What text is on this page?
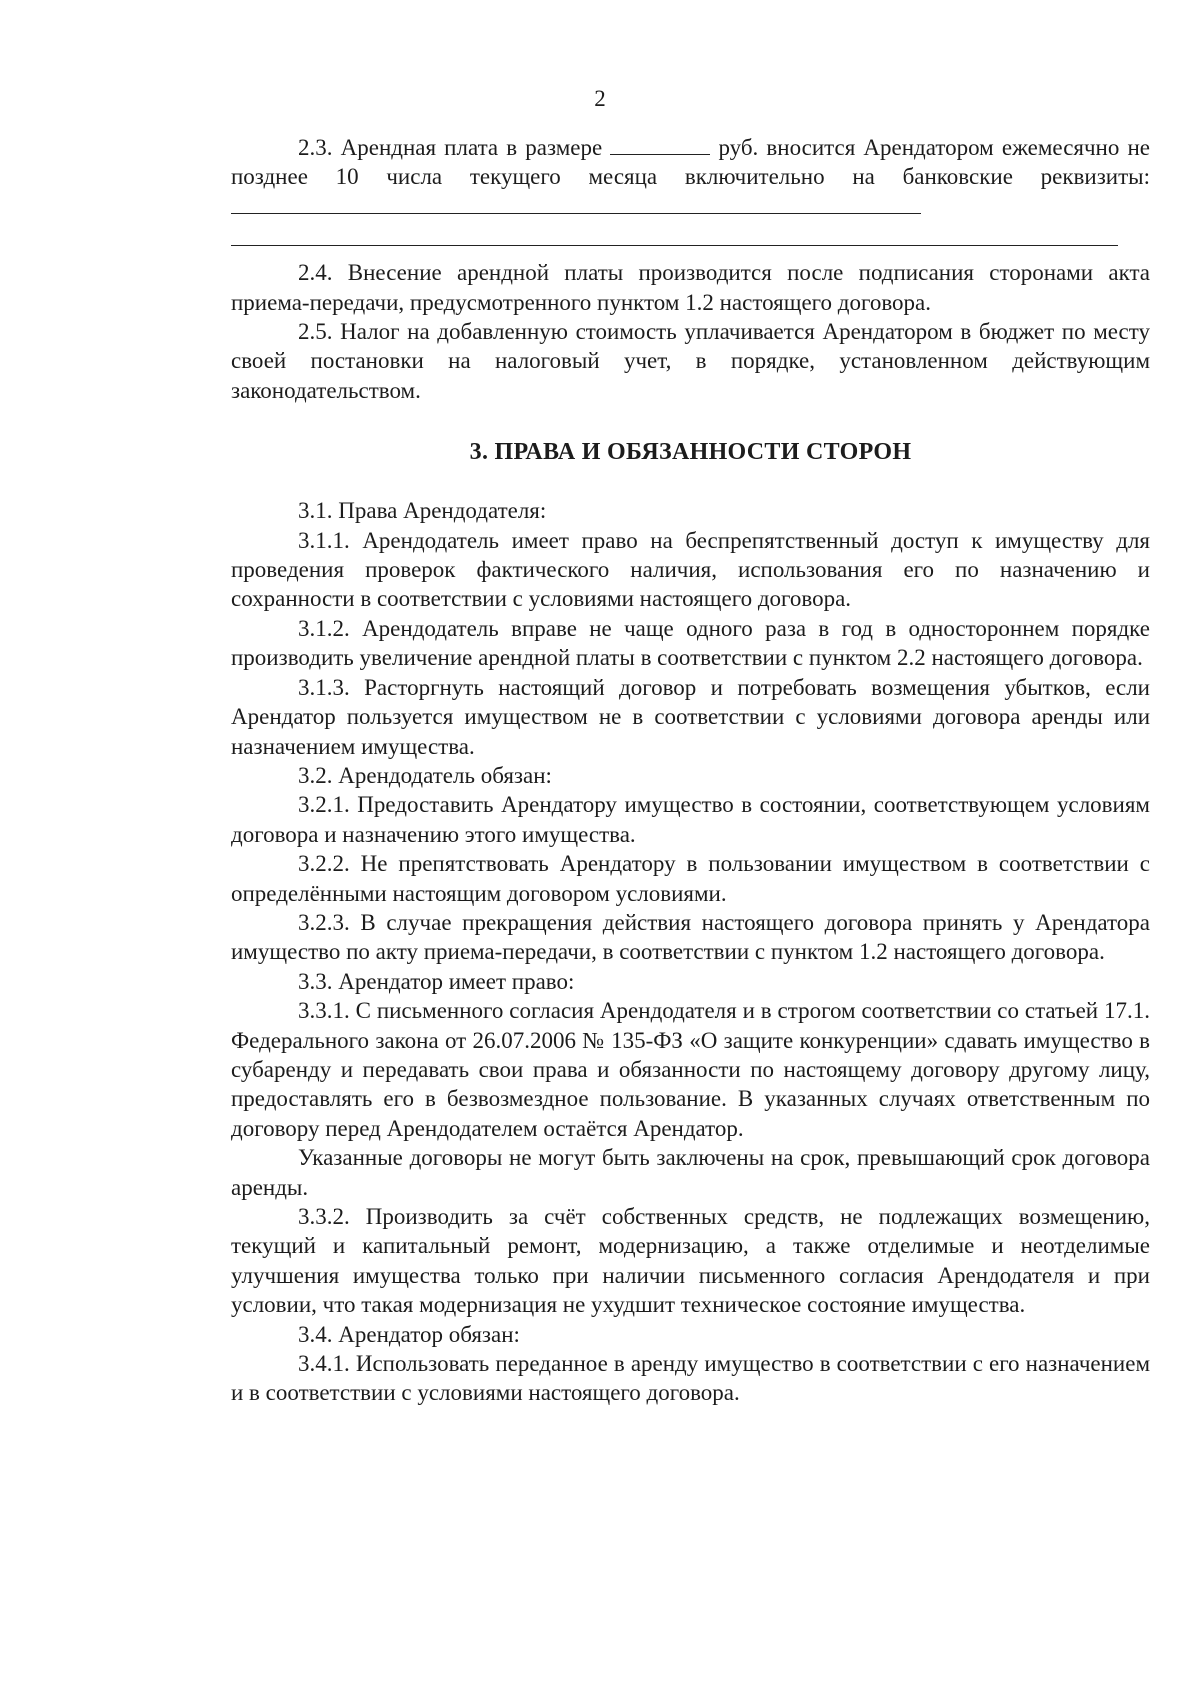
2

2.3. Арендная плата в размере	руб. вносится Арендатором ежемесячно не позднее 10 числа текущего месяца включительно на банковские реквизиты:

2.4. Внесение арендной платы производится после подписания сторонами акта приема-передачи, предусмотренного пунктом 1.2 настоящего договора.

2.5. Налог на добавленную стоимость уплачивается Арендатором в бюджет по месту своей постановки на налоговый учет, в порядке, установленном действующим законодательством.

3. ПРАВА И ОБЯЗАННОСТИ СТОРОН

3.1. Права Арендодателя:

3.1.1. Арендодатель имеет право на беспрепятственный доступ к имуществу для проведения проверок фактического наличия, использования его по назначению и сохранности в соответствии с условиями настоящего договора.

3.1.2. Арендодатель вправе не чаще одного раза в год в одностороннем порядке производить увеличение арендной платы в соответствии с пунктом 2.2 настоящего договора.

3.1.3. Расторгнуть настоящий договор и потребовать возмещения убытков, если Арендатор пользуется имуществом не в соответствии с условиями договора аренды или назначением имущества.

3.2. Арендодатель обязан:

3.2.1. Предоставить Арендатору имущество в состоянии, соответствующем условиям договора и назначению этого имущества.

3.2.2. Не препятствовать Арендатору в пользовании имуществом в соответствии с определёнными настоящим договором условиями.

3.2.3. В случае прекращения действия настоящего договора принять у Арендатора имущество по акту приема-передачи, в соответствии с пунктом 1.2 настоящего договора.

3.3. Арендатор имеет право:

3.3.1. С письменного согласия Арендодателя и в строгом соответствии со статьей 17.1. Федерального закона от 26.07.2006 № 135-ФЗ «О защите конкуренции» сдавать имущество в субаренду и передавать свои права и обязанности по настоящему договору другому лицу, предоставлять его в безвозмездное пользование. В указанных случаях ответственным по договору перед Арендодателем остаётся Арендатор.

Указанные договоры не могут быть заключены на срок, превышающий срок договора аренды.

3.3.2. Производить за счёт собственных средств, не подлежащих возмещению, текущий и капитальный ремонт, модернизацию, а также отделимые и неотделимые улучшения имущества только при наличии письменного согласия Арендодателя и при условии, что такая модернизация не ухудшит техническое состояние имущества.

3.4. Арендатор обязан:

3.4.1. Использовать переданное в аренду имущество в соответствии с его назначением и в соответствии с условиями настоящего договора.
